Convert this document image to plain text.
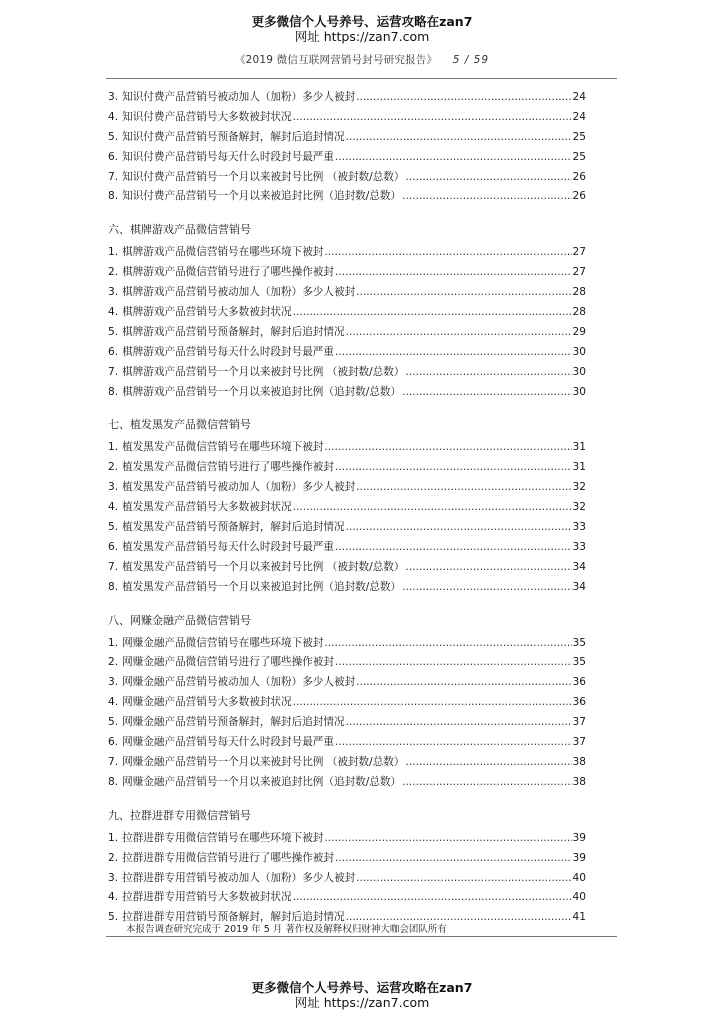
更多微信个人号养号、运营攻略在zan7
网址 https://zan7.com
《2019 微信互联网营销号封号研究报告》 5 / 59
3. 知识付费产品营销号被动加人（加粉）多少人被封 .....	24
4. 知识付费产品营销号大多数被封状况 .....	24
5. 知识付费产品营销号预备解封，解封后追封情况 .....	25
6. 知识付费产品营销号每天什么时段封号最严重 .....	25
7. 知识付费产品营销号一个月以来被封号比例 （被封数/总数） .....	26
8. 知识付费产品营销号一个月以来被追封比例（追封数/总数） .....	26
六、棋牌游戏产品微信营销号
1. 棋牌游戏产品微信营销号在哪些环境下被封 .....	27
2. 棋牌游戏产品微信营销号进行了哪些操作被封 .....	27
3. 棋牌游戏产品营销号被动加人（加粉）多少人被封 .....	28
4. 棋牌游戏产品营销号大多数被封状况 .....	28
5. 棋牌游戏产品营销号预备解封，解封后追封情况 .....	29
6. 棋牌游戏产品营销号每天什么时段封号最严重 .....	30
7. 棋牌游戏产品营销号一个月以来被封号比例 （被封数/总数） .....	30
8. 棋牌游戏产品营销号一个月以来被追封比例（追封数/总数） .....	30
七、植发黑发产品微信营销号
1. 植发黑发产品微信营销号在哪些环境下被封 .....	31
2. 植发黑发产品微信营销号进行了哪些操作被封 .....	31
3. 植发黑发产品营销号被动加人（加粉）多少人被封 .....	32
4. 植发黑发产品营销号大多数被封状况 .....	32
5. 植发黑发产品营销号预备解封，解封后追封情况 .....	33
6. 植发黑发产品营销号每天什么时段封号最严重 .....	33
7. 植发黑发产品营销号一个月以来被封号比例 （被封数/总数） .....	34
8. 植发黑发产品营销号一个月以来被追封比例（追封数/总数） .....	34
八、网赚金融产品微信营销号
1. 网赚金融产品微信营销号在哪些环境下被封 .....	35
2. 网赚金融产品微信营销号进行了哪些操作被封 .....	35
3. 网赚金融产品营销号被动加人（加粉）多少人被封 .....	36
4. 网赚金融产品营销号大多数被封状况 .....	36
5. 网赚金融产品营销号预备解封，解封后追封情况 .....	37
6. 网赚金融产品营销号每天什么时段封号最严重 .....	37
7. 网赚金融产品营销号一个月以来被封号比例 （被封数/总数） .....	38
8. 网赚金融产品营销号一个月以来被追封比例（追封数/总数） .....	38
九、拉群进群专用微信营销号
1. 拉群进群专用微信营销号在哪些环境下被封 .....	39
2. 拉群进群专用微信营销号进行了哪些操作被封 .....	39
3. 拉群进群专用营销号被动加人（加粉）多少人被封 .....	40
4. 拉群进群专用营销号大多数被封状况 .....	40
5. 拉群进群专用营销号预备解封，解封后追封情况 .....	41
本报告调查研究完成于 2019 年 5 月 著作权及解释权归财神大咖会团队所有
更多微信个人号养号、运营攻略在zan7
网址 https://zan7.com
